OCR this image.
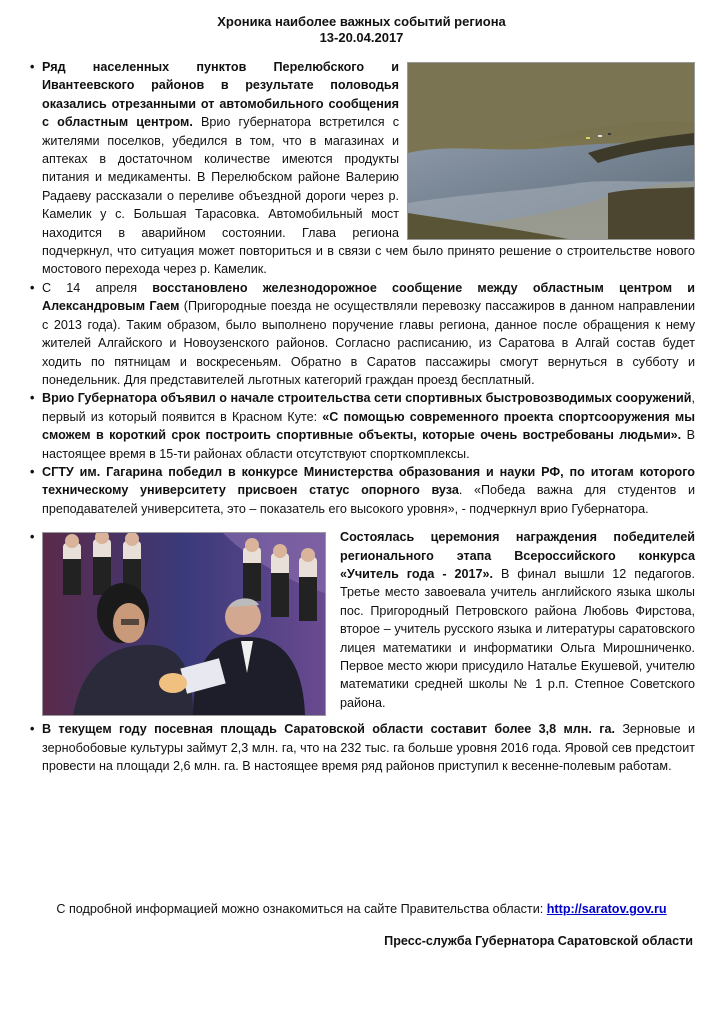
Хроника наиболее важных событий региона
13-20.04.2017
• Ряд населенных пунктов Перелюбского и Ивантеевского районов в результате половодья оказались отрезанными от автомобильного сообщения с областным центром. Врио губернатора встретился с жителями поселков, убедился в том, что в магазинах и аптеках в достаточном количестве имеются продукты питания и медикаменты. В Перелюбском районе Валерию Радаеву рассказали о переливе объездной дороги через р. Камелик у с. Большая Тарасовка. Автомобильный мост находится в аварийном состоянии. Глава региона подчеркнул, что ситуация может повториться и в связи с чем было принято решение о строительстве нового мостового перехода через р. Камелик.
• С 14 апреля восстановлено железнодорожное сообщение между областным центром и Александровым Гаем (Пригородные поезда не осуществляли перевозку пассажиров в данном направлении с 2013 года). Таким образом, было выполнено поручение главы региона, данное после обращения к нему жителей Алгайского и Новоузенского районов. Согласно расписанию, из Саратова в Алгай состав будет ходить по пятницам и воскресеньям. Обратно в Саратов пассажиры смогут вернуться в субботу и понедельник. Для представителей льготных категорий граждан проезд бесплатный.
• Врио Губернатора объявил о начале строительства сети спортивных быстровозводимых сооружений, первый из который появится в Красном Куте: «С помощью современного проекта спортсооружения мы сможем в короткий срок построить спортивные объекты, которые очень востребованы людьми». В настоящее время в 15-ти районах области отсутствуют спорткомплексы.
• СГТУ им. Гагарина победил в конкурсе Министерства образования и науки РФ, по итогам которого техническому университету присвоен статус опорного вуза. «Победа важна для студентов и преподавателей университета, это – показатель его высокого уровня», - подчеркнул врио Губернатора.
•	Состоялась церемония награждения победителей регионального этапа Всероссийского конкурса «Учитель года - 2017». В финал вышли 12 педагогов. Третье место завоевала учитель английского языка школы пос. Пригородный Петровского района Любовь Фирстова, второе – учитель русского языка и литературы саратовского лицея математики и информатики Ольга Мирошниченко. Первое место жюри присудило Наталье Екушевой, учителю математики средней школы № 1 р.п. Степное Советского района.
• В текущем году посевная площадь Саратовской области составит более 3,8 млн. га. Зерновые и зернобобовые культуры займут 2,3 млн. га, что на 232 тыс. га больше уровня 2016 года. Яровой сев предстоит провести на площади 2,6 млн. га. В настоящее время ряд районов приступил к весенне-полевым работам.
С подробной информацией можно ознакомиться на сайте Правительства области: http://saratov.gov.ru
Пресс-служба Губернатора Саратовской области
